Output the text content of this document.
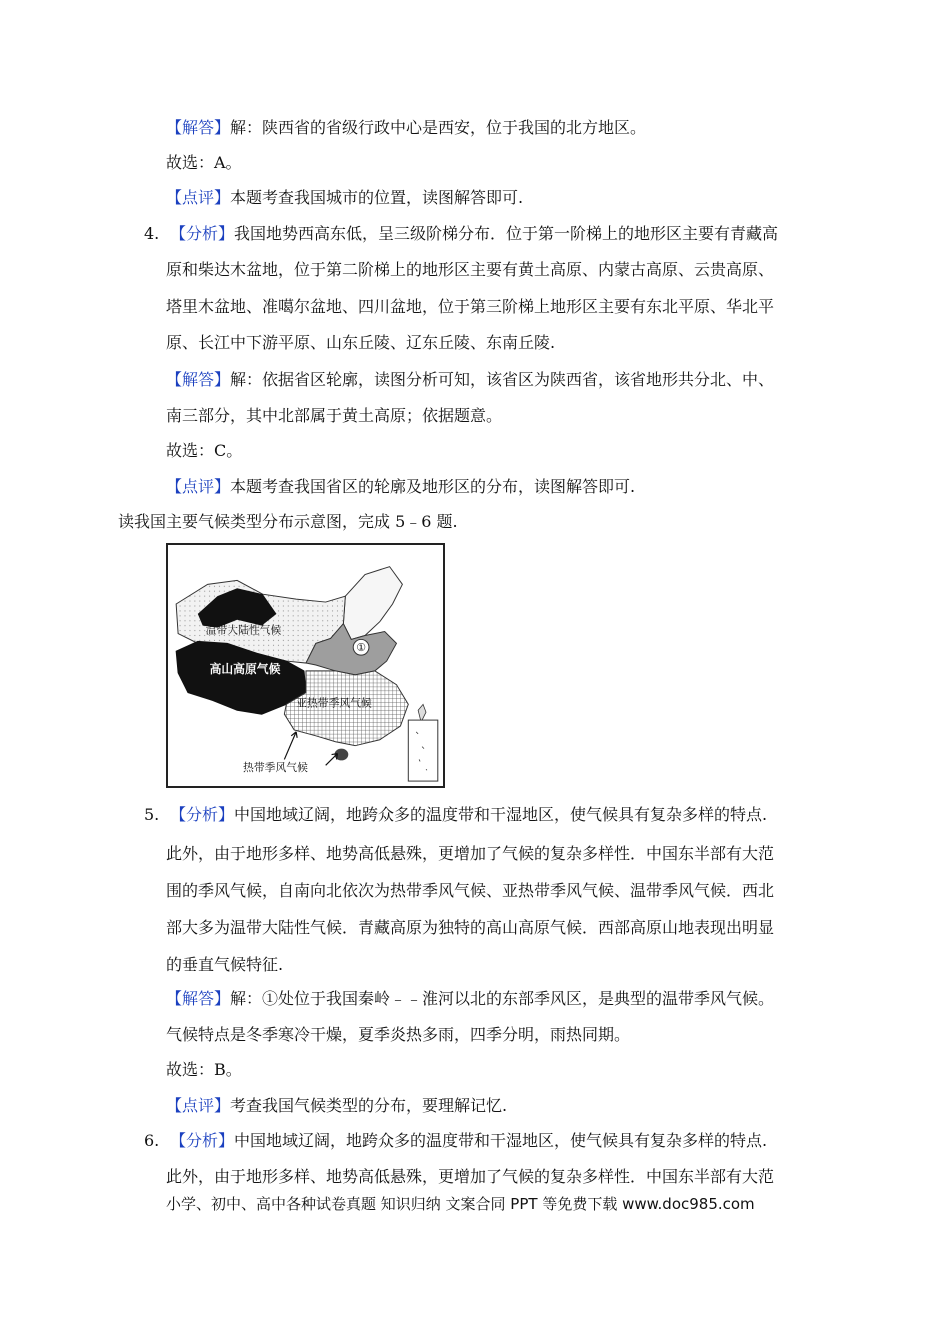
【解答】解：陕西省的省级行政中心是西安，位于我国的北方地区。
故选：A。
【点评】本题考查我国城市的位置，读图解答即可.
4. 【分析】我国地势西高东低，呈三级阶梯分布．位于第一阶梯上的地形区主要有青藏高
原和柴达木盆地，位于第二阶梯上的地形区主要有黄土高原、内蒙古高原、云贵高原、
塔里木盆地、准噶尔盆地、四川盆地，位于第三阶梯上地形区主要有东北平原、华北平
原、长江中下游平原、山东丘陵、辽东丘陵、东南丘陵.
【解答】解：依据省区轮廓，读图分析可知，该省区为陕西省，该省地形共分北、中、
南三部分，其中北部属于黄土高原；依据题意。
故选：C。
【点评】本题考查我国省区的轮廓及地形区的分布，读图解答即可.
读我国主要气候类型分布示意图，完成 5﹣6 题.
5. 【分析】中国地域辽阔，地跨众多的温度带和干湿地区，使气候具有复杂多样的特点.
此外，由于地形多样、地势高低悬殊，更增加了气候的复杂多样性．中国东半部有大范
围的季风气候，自南向北依次为热带季风气候、亚热带季风气候、温带季风气候．西北
部大多为温带大陆性气候．青藏高原为独特的高山高原气候．西部高原山地表现出明显
的垂直气候特征.
【解答】解：①处位于我国秦岭﹣﹣淮河以北的东部季风区，是典型的温带季风气候。
气候特点是冬季寒冷干燥，夏季炎热多雨，四季分明，雨热同期。
故选：B。
【点评】考查我国气候类型的分布，要理解记忆.
6. 【分析】中国地域辽阔，地跨众多的温度带和干湿地区，使气候具有复杂多样的特点.
此外，由于地形多样、地势高低悬殊，更增加了气候的复杂多样性．中国东半部有大范
①
温带大陆性气候
高山高原气候
亚热带季风气候
热带季风气候
小学、初中、高中各种试卷真题 知识归纳 文案合同 PPT 等免费下载 www.doc985.com
